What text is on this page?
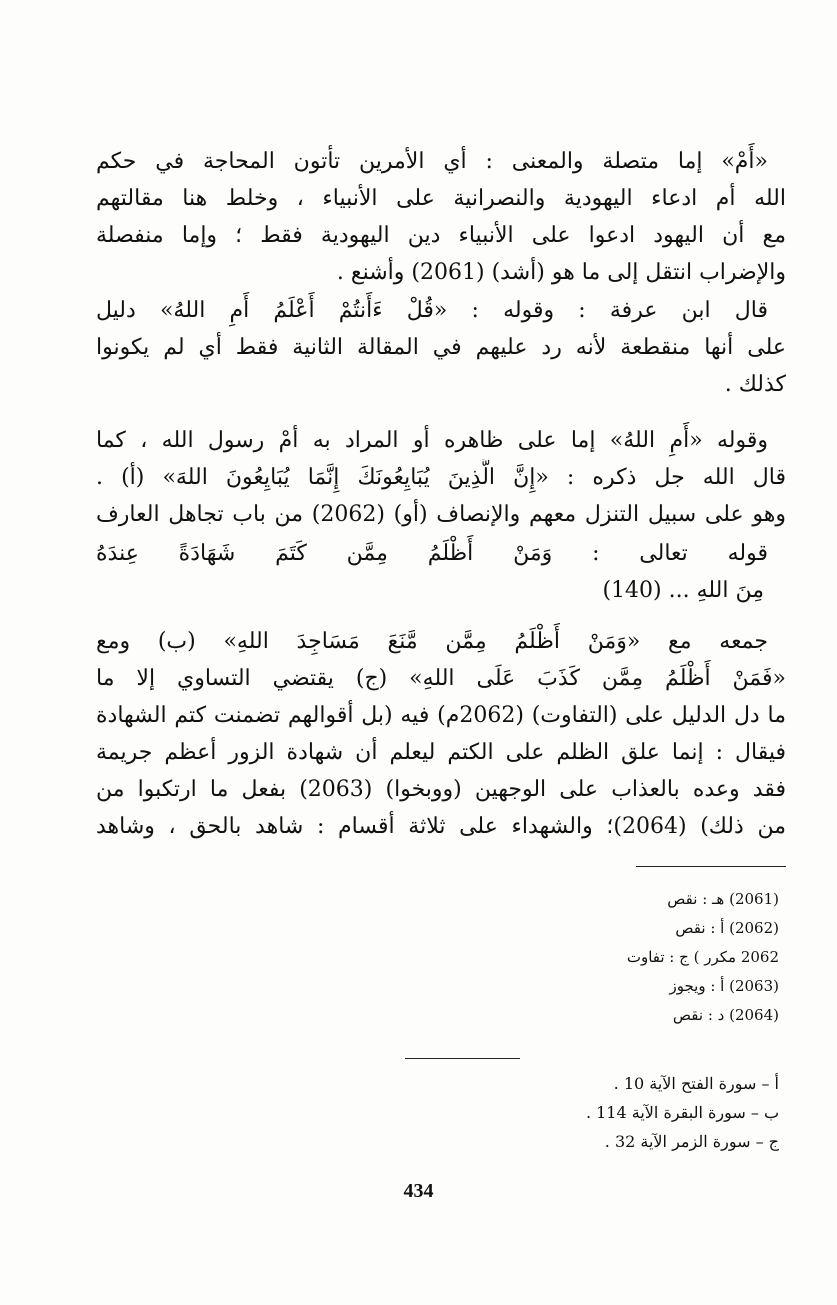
«أَمْ» إما متصلة والمعنى : أي الأمرين تأتون المحاجة في حكم
الله أم ادعاء اليهودية والنصرانية على الأنبياء ، وخلط هنا مقالتهم
مع أن اليهود ادعوا على الأنبياء دين اليهودية فقط ؛ وإما منفصلة
والإضراب انتقل إلى ما هو (أشد) (2061) وأشنع .
قال ابن عرفة : وقوله : «قُلْ ءَأَنتُمْ أَعْلَمُ أَمِ اللهُ» دليل
على أنها منقطعة لأنه رد عليهم في المقالة الثانية فقط أي لم يكونوا
كذلك .
وقوله «أَمِ اللهُ» إما على ظاهره أو المراد به أمْ رسول الله ، كما
قال الله جل ذكره : «إِنَّ الَّذِينَ يُبَايِعُونَكَ إِنَّمَا يُبَايِعُونَ اللهَ» (أ) .
وهو على سبيل التنزل معهم والإنصاف (أو) (2062) من باب تجاهل العارف
قوله تعالى : وَمَنْ أَظْلَمُ مِمَّن كَتَمَ شَهَادَةً عِندَهُ
مِنَ اللهِ ... (140)
جمعه مع «وَمَنْ أَظْلَمُ مِمَّن مَّنَعَ مَسَاجِدَ اللهِ» (ب) ومع
«فَمَنْ أَظْلَمُ مِمَّن كَذَبَ عَلَى اللهِ» (ج) يقتضي التساوي إلا ما
ما دل الدليل على (التفاوت) (2062م) فيه (بل أقوالهم تضمنت كتم الشهادة
فيقال : إنما علق الظلم على الكتم ليعلم أن شهادة الزور أعظم جريمة
فقد وعده بالعذاب على الوجهين (ووبخوا) (2063) بفعل ما ارتكبوا من
من ذلك) (2064)؛ والشهداء على ثلاثة أقسام : شاهد بالحق ، وشاهد
(2061) هـ : نقص
(2062) أ : نقص
2062 مكرر ) ج : تفاوت
(2063) أ : ويجوز
(2064) د : نقص
أ – سورة الفتح الآية 10 .
ب – سورة البقرة الآية 114 .
ج – سورة الزمر الآية 32 .
434
